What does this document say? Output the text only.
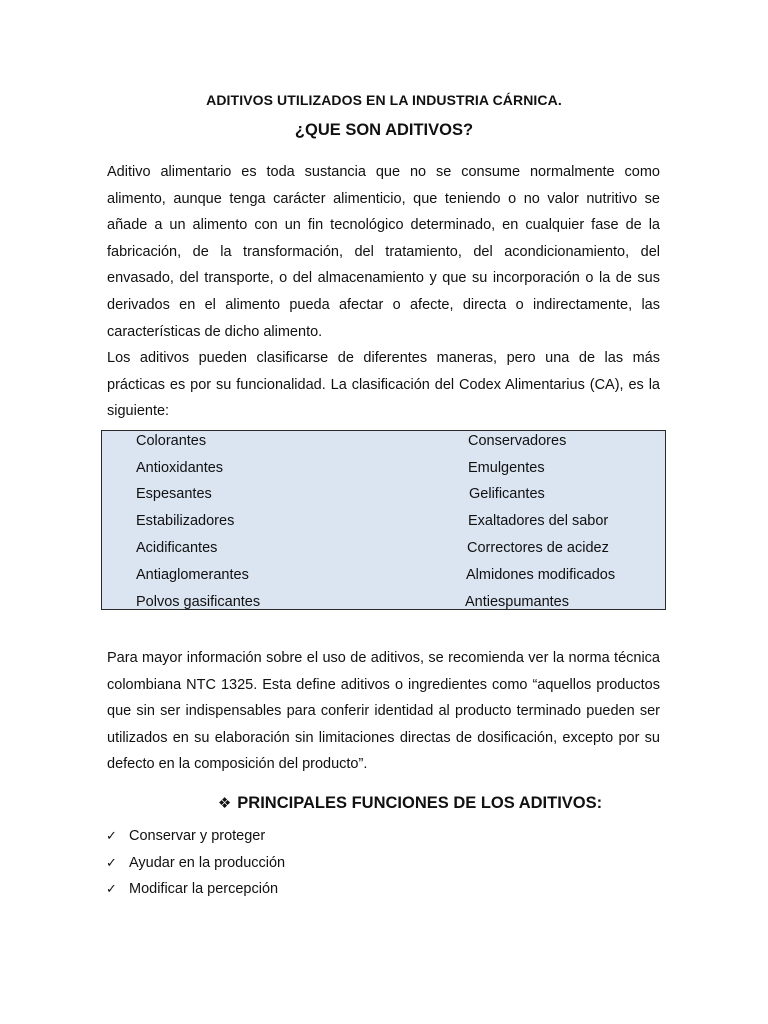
ADITIVOS UTILIZADOS EN LA INDUSTRIA CÁRNICA.
¿QUE SON ADITIVOS?

Aditivo alimentario es toda sustancia que no se consume normalmente como alimento, aunque tenga carácter alimenticio, que teniendo o no valor nutritivo se añade a un alimento con un fin tecnológico determinado, en cualquier fase de la fabricación, de la transformación, del tratamiento, del acondicionamiento, del envasado, del transporte, o del almacenamiento y que su incorporación o la de sus derivados en el alimento pueda afectar o afecte, directa o indirectamente, las características de dicho alimento.

Los aditivos pueden clasificarse de diferentes maneras, pero una de las más prácticas es por su funcionalidad. La clasificación del Codex Alimentarius (CA), es la siguiente:

Colorantes
Antioxidantes
Espesantes
Estabilizadores
Acidificantes
Antiaglomerantes
Polvos gasificantes
Conservadores
Emulgentes
Gelificantes
Exaltadores del sabor
Correctores de acidez
Almidones modificados
Antiespumantes

Para mayor información sobre el uso de aditivos, se recomienda ver la norma técnica colombiana NTC 1325. Esta define aditivos o ingredientes como “aquellos productos que sin ser indispensables para conferir identidad al producto terminado pueden ser utilizados en su elaboración sin limitaciones directas de dosificación, excepto por su defecto en la composición del producto”.

❖ PRINCIPALES FUNCIONES DE LOS ADITIVOS:
✓ Conservar y proteger
✓ Ayudar en la producción
✓ Modificar la percepción
